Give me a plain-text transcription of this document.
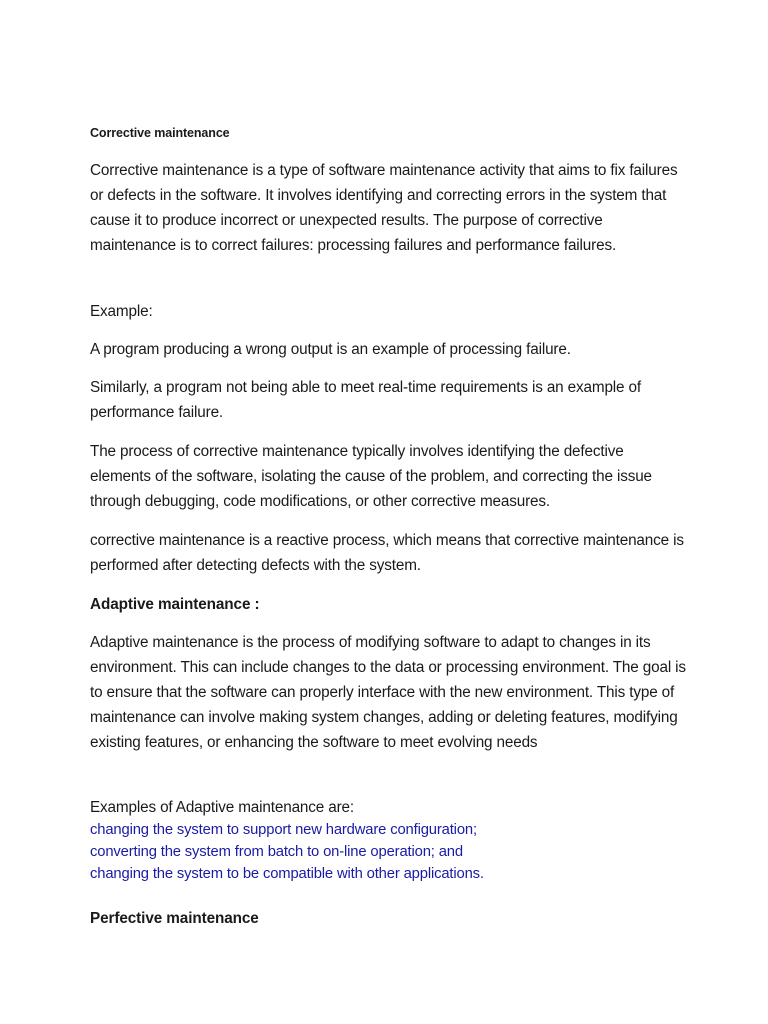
Corrective maintenance

Corrective maintenance is a type of software maintenance activity that aims to fix failures or defects in the software. It involves identifying and correcting errors in the system that cause it to produce incorrect or unexpected results. The purpose of corrective maintenance is to correct failures: processing failures and performance failures.

Example:

A program producing a wrong output is an example of processing failure.

Similarly, a program not being able to meet real-time requirements is an example of performance failure.

The process of corrective maintenance typically involves identifying the defective elements of the software, isolating the cause of the problem, and correcting the issue through debugging, code modifications, or other corrective measures.

corrective maintenance is a reactive process, which means that corrective maintenance is performed after detecting defects with the system.

Adaptive maintenance :

Adaptive maintenance is the process of modifying software to adapt to changes in its environment. This can include changes to the data or processing environment. The goal is to ensure that the software can properly interface with the new environment. This type of maintenance can involve making system changes, adding or deleting features, modifying existing features, or enhancing the software to meet evolving needs

Examples of Adaptive maintenance are:

changing the system to support new hardware configuration;
converting the system from batch to on-line operation; and
changing the system to be compatible with other applications.

Perfective maintenance
